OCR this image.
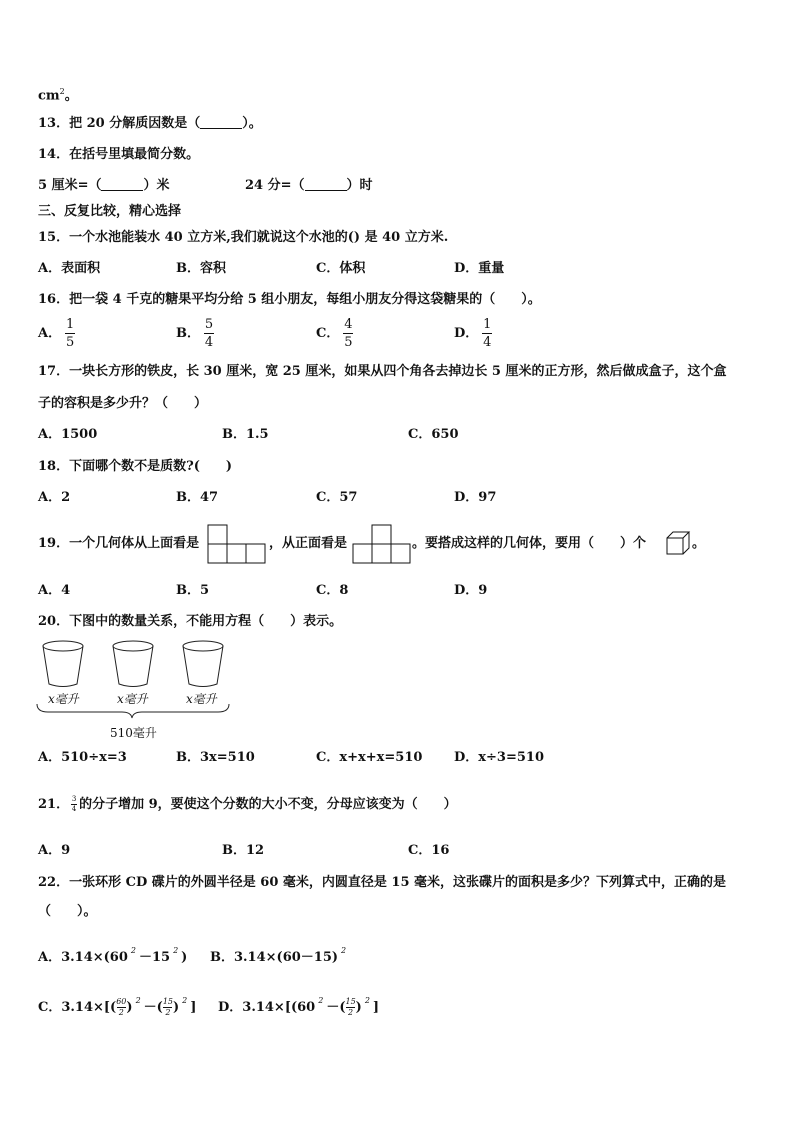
$cm^2$。
13．把 20 分解质因数是（	）。
14．在括号里填最简分数。
5 厘米=（	）米	24 分=（	）时
三、反复比较，精心选择
15．一个水池能装水 40 立方米,我们就说这个水池的() 是 40 立方米.
A．表面积	B．容积	C．体积	D．重量
16．把一袋 4 千克的糖果平均分给 5 组小朋友，每组小朋友分得这袋糖果的（　　）。
A． $\frac{1}{5}$	B． $\frac{5}{4}$	C． $\frac{4}{5}$	D． $\frac{1}{4}$
17．一块长方形的铁皮，长 30 厘米，宽 25 厘米，如果从四个角各去掉边长 5 厘米的正方形，然后做成盒子，这个盒
子的容积是多少升？（　　）
A．1500	B．1.5	C．650
18．下面哪个数不是质数?(　　)
A．2	B．47	C．57	D．97
19．一个几何体从上面看是	，从正面看是	。要搭成这样的几何体，要用（　　）个	。
A．4	B．5	C．8	D．9
20．下图中的数量关系，不能用方程（　　）表示。
x毫升	x毫升	x毫升
510毫升
A．510÷x=3	B．3x=510	C．x+x+x=510 D．x÷3=510
21． $\frac{3}{4}$ 的分子增加 9，要使这个分数的大小不变，分母应该变为（　　）
A．9	B．12	C．16
22．一张环形 CD 碟片的外圆半径是 60 毫米，内圆直径是 15 毫米，这张碟片的面积是多少？下列算式中，正确的是
（　　）。
A．3.14×(60 $^2$ －15 $^2$ ) B．3.14×(60－15) $^2$
C．$3.14\times[( \frac{60}{2}$ ) $^2$ －( $\frac{15}{2}$ ) $^2$ ] D．3.14×[(60 $^2$ －( $\frac{15}{2}$ ) $^2$ ]
